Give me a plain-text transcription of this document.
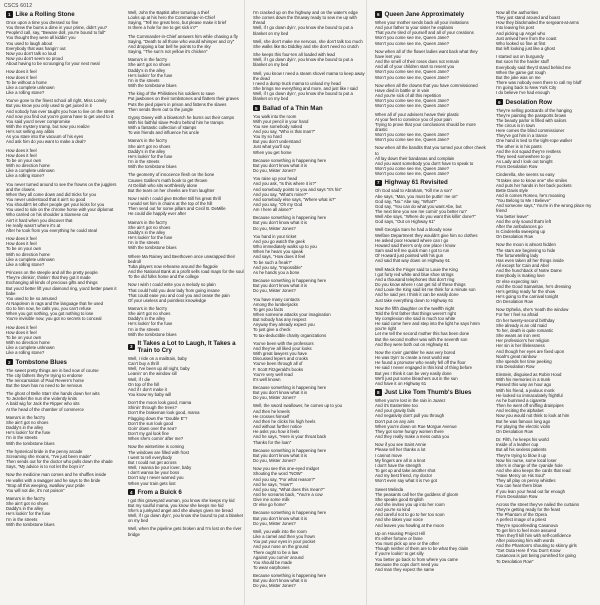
CSCS 6012
1 Like a Rolling Stone
Once upon a time you dressed so fine
You threw the bums a dime in your prime, didn't you?
People'd call, say, "Beware doll, you're bound to fall"
You thought they were all kiddin' you
You used to laugh about
Everybody that was hangin' out
Now you don't talk so loud
Now you don't seem so proud
About having to be scrounging for your next meal
How does it feel
How does it feel
To be without a home
Like a complete unknown
Like a rolling stone?
You've gone to the finest school all right, Miss Lonely
But you know you only used to get juiced in it
And nobody has ever taught you how to live on the street
And now you find out you're gonna have to get used to it
You said you'd never compromise
With the mystery tramp, but now you realize
He's not selling any alibis
As you stare into the vacuum of his eyes
And ask him do you want to make a deal?
How does it feel
How does it feel
To be on your own
With no direction home
Like a complete unknown
Like a rolling stone?
You never turned around to see the frowns on the jugglers and the clowns
When they all come down and did tricks for you
You never understood that it ain't no good
You shouldn't let other people get your kicks for you
You used to ride on the chrome horse with your diplomat
Who carried on his shoulder a Siamese cat
Ain't it hard when you discover that
He really wasn't where it's at
After he took from you everything he could steal
How does it feel
How does it feel
To be on your own
With no direction home
Like a complete unknown
Like a rolling stone?
Princess on the steeple and all the pretty people
They're drinkin', thinkin' that they got it made
Exchanging all kinds of precious gifts and things
But you'd better lift your diamond ring, you'd better pawn it babe
You used to be so amused
At Napoleon in rags and the language that he used
Go to him now, he calls you, you can't refuse
When you got nothing, you got nothing to lose
You're invisible now, you got no secrets to conceal
How does it feel
How does it feel
To be on your own
With no direction home
Like a complete unknown
Like a rolling stone?
2 Tombstone Blues
The sweet pretty things are in bed now of course
The city fathers they're trying to endorse
The reincarnation of Paul Revere's horse
But the town has no need to be nervous
The ghost of Belle Starr she hands down her wits
To Jezebel the nun she violently knits
A bald wig for Jack the Ripper who sits
At the head of the chamber of commerce
Mama's in the fact'ry
She ain't got no shoes
Daddy's in the alley
He's lookin' for the fuse
I'm in the streets
With the tombstone blues
The hysterical bride in the penny arcade
Screaming she moans, "I've just been made"
Then sends out for the doctor who pulls down the shade
Says, "My advice is to not let the boys in"
Now the medicine man comes and he shuffles inside
He walks with a swagger and he says to the bride
"Stop all this weeping, swallow your pride
You will not die, it's not poison"
Mama's in the fact'ry
She ain't got no shoes
Daddy's in the alley
He's lookin' for the fuse
I'm in the streets
With the tombstone blues
Well, John the Baptist after torturing a thief
Looks up at his hero the Commander-in-Chief
Saying, "Tell me great hero, but please make it brief
Is there a hole for me to get sick in?"
The Commander-in-Chief answers him while chasing a fly
Saying, "Death to all those who would whimper and cry"
And dropping a bar bell he points to the sky
Saying, "The sun's not yellow it's chicken"
Mama's in the fact'ry
She ain't got no shoes
Daddy's in the alley
He's lookin' for the fuse
I'm in the streets
With the tombstone blues
The king of the Philistines his soldiers to save
Put jawbones on their tombstones and flatters their graves
Puts the pied pipers in prison and fattens the slaves
Then sends them out to the jungle
Gypsy Davey with a blowtorch he burns out their camps
With his faithful slave Pedro behind him he tramps
With a fantastic collection of stamps
To win friends and influence his uncle
Mama's in the fact'ry
She ain't got no shoes
Daddy's in the alley
He's lookin' for the fuse
I'm in the streets
With the tombstone blues
The geometry of innocence flesh on the bone
Causes Galileo's math book to get thrown
At Delilah who sits worthlessly alone
But the tears on her cheeks are from laughter
Now I wish I could give Brother Bill his great thrill
I would set him in chains at the top of the hill
Then send out for some pillars and Cecil B. DeMille
He could die happily ever after
Mama's in the fact'ry
She ain't got no shoes
Daddy's in the alley
He's lookin' for the fuse
I'm in the streets
With the tombstone blues
Where Ma Rainey and Beethoven once unwrapped their bedroll
Tuba players now rehearse around the flagpole
And the National Bank at a profit sells road maps for the soul
To the old folks home and the college
Now I wish I could write you a melody so plain
That could hold you dear lady from going insane
That could ease you and cool you and cease the pain
Of your useless and pointless knowledge
Mama's in the fact'ry
She ain't got no shoes
Daddy's in the alley
He's lookin' for the fuse
I'm in the streets
With the tombstone blues
3 It Takes a Lot to Laugh, It Takes a Train to Cry
Well, I ride on a mailtrain, baby
Can't buy a thrill
Well, I've been up all night, baby
Leanin' on the window sill
Well, if I die
On top of the hill
And if I don't make it
You know my baby will
Don't the moon look good, mama
Shinin' through the trees?
Don't the brakeman look good, mama
Flagging down the "Double E"?
Don't the sun look good
Goin' down over the sea?
Don't my gal look fine
When she's comin' after me?
Now the wintertime is coming
The windows are filled with frost
I went to tell everybody
But I could not get across
Well, I wanna be your lover, baby
I don't wanna be your boss
Don't say I never warned you
When your train gets lost
4 From a Buick 6
I got this graveyard woman, you know she keeps my kid
But my soulful mama, you know she keeps me hid
She's a junkyard angel and she always gives me bread
Well, if I go down dyin', you know she bound to put a blanket on my bed
Well, when the pipeline gets broken and I'm lost on the river bridge
I'm cracked up on the highway and on the water's edge
She comes down the thruway ready to sew me up with thread
Well, if I go down dyin', you know she bound to put a blanket on my bed
Well, she don't make me nervous, she don't talk too much
She walks like Bo Diddley and she don't need no crutch
She keeps this four-ten all loaded with lead
Well, if I go down dyin', you know she bound to put a blanket on my bed
Well, you know I need a steam shovel mama to keep away the dead
I need a dump truck mama to unload my head
She brings me everything and more, and just like I said
Well, if I go down dyin', you know she bound to put a blanket on my bed
5 Ballad of a Thin Man
You walk into the room
With your pencil in your hand
You see somebody naked
And you say, "Who is that man?"
You try so hard
But you don't understand
Just what you'll say
When you get home
Because something is happening here
But you don't know what it is
Do you, Mister Jones?
You raise up your head
And you ask, "Is this where it is?"
And somebody points to you and says "It's his"
And you say, "What's mine?"
And somebody else says, "Where what is?"
And you say, "Oh my God
Am I here all alone?"
Because something is happening here
But you don't know what it is
Do you, Mister Jones?
You hand in your ticket
And you go watch the geek
Who immediately walks up to you
When he hears you speak
And says, "How does it feel
To be such a freak?"
And you say, "Impossible"
As he hands you a bone
Because something is happening here
But you don't know what it is
Do you, Mister Jones?
You have many contacts
Among the lumberjacks
To get you facts
When someone attacks your imagination
But nobody has any respect
Anyway they already expect you
To just give a check
To tax-deductible charity organizations
You've been with the professors
And they've all liked your looks
With great lawyers you have
Discussed lepers and crooks
You've been through all of
F. Scott Fitzgerald's books
You're very well read
It's well known
Because something is happening here
But you don't know what it is
Do you, Mister Jones?
Well, the sword swallower, he comes up to you
And then he kneels
He crosses himself
And then he clicks his high heels
And without further notice
He asks you how it feels
And he says, "Here is your throat back
Thanks for the loan"
Because something is happening here
But you don't know what it is
Do you, Mister Jones?
Now you see this one-eyed midget
Shouting the word "NOW"
And you say, "For what reason?"
And he says, "How?"
And you say, "What does this mean?"
And he screams back, "You're a cow
Give me some milk
Or else go home"
Because something is happening here
But you don't know what it is
Do you, Mister Jones?
Well, you walk into the room
Like a camel and then you frown
You put your eyes in your pocket
And your nose on the ground
There ought to be a law
Against you comin' around
You should be made
To wear earphones
Because something is happening here
But you don't know what it is
Do you, Mister Jones?
6 Queen Jane Approximately
When your mother sends back all your invitations
And your father to your sister he explains
That you're tired of yourself and all of your creations
Won't you come see me, Queen Jane?
Won't you come see me, Queen Jane?
Now when all of the flower ladies want back what they have lent you
And the smell of their roses does not remain
And all of your children start to resent you
Won't you come see me, Queen Jane?
Won't you come see me, Queen Jane?
Now when all the clowns that you have commissioned
Have died in battle or in vain
And you're sick of all this repetition
Won't you come see me, Queen Jane?
Won't you come see me, Queen Jane?
When all of your advisers heave their plastic
At your feet to convince you of your pain
Trying to prove that your conclusions should be more drastic
Won't you come see me, Queen Jane?
Won't you come see me, Queen Jane?
Now when all the bandits that you turned your other cheek to
All lay down their bandanas and complain
And you want somebody you don't have to speak to
Won't you come see me, Queen Jane?
Won't you come see me, Queen Jane?
7 Highway 61 Revisited
Oh God said to Abraham, "Kill me a son"
Abe says, "Man, you must be puttin' me on"
God say, "No." Abe say, "What?"
God say, "You can do what you want Abe, but
The next time you see me comin' you better run"
Well Abe says, "Where do you want this killin' done?"
God says, "Out on Highway 61"
Well Georgia Sam he had a bloody nose
Welfare Department they wouldn't give him no clothes
He asked poor Howard where can I go
Howard said there's only one place I know
Sam said tell me quick man I got to run
Ol' Howard just pointed with his gun
And said that way down on Highway 61
Well Mack the Finger said to Louie the King
I got forty red white and blue shoe strings
And a thousand telephones that don't ring
Do you know where I can get rid of these things
And Louie the King said let me think for a minute son
And he said yes I think it can be easily done
Just take everything down to Highway 61
Now the fifth daughter on the twelfth night
Told the first father that things weren't right
My complexion she said is much too white
He said come here and step into the light he says hmm you're right
Let me tell the second mother this has been done
But the second mother was with the seventh son
And they were both out on Highway 61
Now the rovin' gambler he was very bored
He was tryin' to create a next world war
He found a promoter who nearly fell off the floor
He said I never engaged in this kind of thing before
But yes I think it can be very easily done
We'll just put some bleachers out in the sun
And have it on Highway 61
8 Just Like Tom Thumb's Blues
When you're lost in the rain in Juarez
And it's Eastertime too
And your gravity fails
And negativity don't pull you through
Don't put on any airs
When you're down on Rue Morgue Avenue
They got some hungry women there
And they really make a mess outta you
Now if you see Saint Annie
Please tell her thanks a lot
I cannot move
My fingers are all in a knot
I don't have the strength
To get up and take another shot
And my best friend, my doctor
Won't even say what it is I've got
Sweet Melinda
The peasants call her the goddess of gloom
She speaks good English
And she invites you up into her room
And you're so kind
And careful not to go to her too soon
And she takes your voice
And leaves you howling at the moon
Up on Housing Project Hill
It's either fortune or fame
You must pick up one or the other
Though neither of them are to be what they claim
If you're lookin' to get silly
You better go back to from where you came
Because the cops don't need you
And man they expect the same
Now all the authorities
They just stand around and boast
How they blackmailed the sergeant-at-arms
Into leaving his post
And picking up Angel who
Just arrived here from the coast
Who looked so fine at first
But left looking just like a ghost
I started out on burgundy
But soon hit the harder stuff
Everybody said they'd stand behind me
When the game got rough
But the joke was on me
There was nobody even there to call my bluff
I'm going back to New York City
I do believe I've had enough
9 Desolation Row
They're selling postcards of the hanging
They're painting the passports brown
The beauty parlor is filled with sailors
The circus is in town
Here comes the blind commissioner
They've got him in a trance
One hand is tied to the tight-rope walker
The other is in his pants
And the riot squad they're restless
They need somewhere to go
As Lady and I look out tonight
From Desolation Row
Cinderella, she seems so easy
"It takes one to know one" she smiles
And puts her hands in her back pockets
Bette Davis style
And in comes Romeo, he's moaning
"You Belong to Me I Believe"
And someone says," You're in the wrong place my friend
You better leave"
And the only sound that's left
After the ambulances go
Is Cinderella sweeping up
On Desolation Row
Now the moon is almost hidden
The stars are beginning to hide
The fortunetelling lady
Has even taken all her things inside
All except for Cain and Abel
And the hunchback of Notre Dame
Everybody is making love
Or else expecting rain
And the Good Samaritan, he's dressing
He's getting ready for the show
He's going to the carnival tonight
On Desolation Row
Now Ophelia, she's 'neath the window
For her I feel so afraid
On her twenty-second birthday
She already is an old maid
To her, death is quite romantic
She wears an iron vest
Her profession's her religion
Her sin is her lifelessness
And though her eyes are fixed upon
Noah's great rainbow
She spends her time peeking
Into Desolation Row
Einstein, disguised as Robin Hood
With his memories in a trunk
Passed this way an hour ago
With his friend, a jealous monk
He looked so immaculately frightful
As he bummed a cigarette
Then he went off sniffing drainpipes
And reciting the alphabet
Now you would not think to look at him
But he was famous long ago
For playing the electric violin
On Desolation Row
Dr. Filth, he keeps his world
Inside of a leather cup
But all his sexless patients
They're trying to blow it up
Now his nurse, some local loser
She's in charge of the cyanide hole
And she also keeps the cards that read
"Have Mercy on His Soul"
They all play on penny whistles
You can hear them blow
If you lean your head out far enough
From Desolation Row
Across the street they've nailed the curtains
They're getting ready for the feast
The Phantom of the Opera
A perfect image of a priest
They're spoonfeeding Casanova
To get him to feel more assured
Then they'll kill him with self-confidence
After poisoning him with words
And the Phantom's shouting to skinny girls
"Get Outa Here If You Don't Know
Casanova is just being punished for going
To Desolation Row"
